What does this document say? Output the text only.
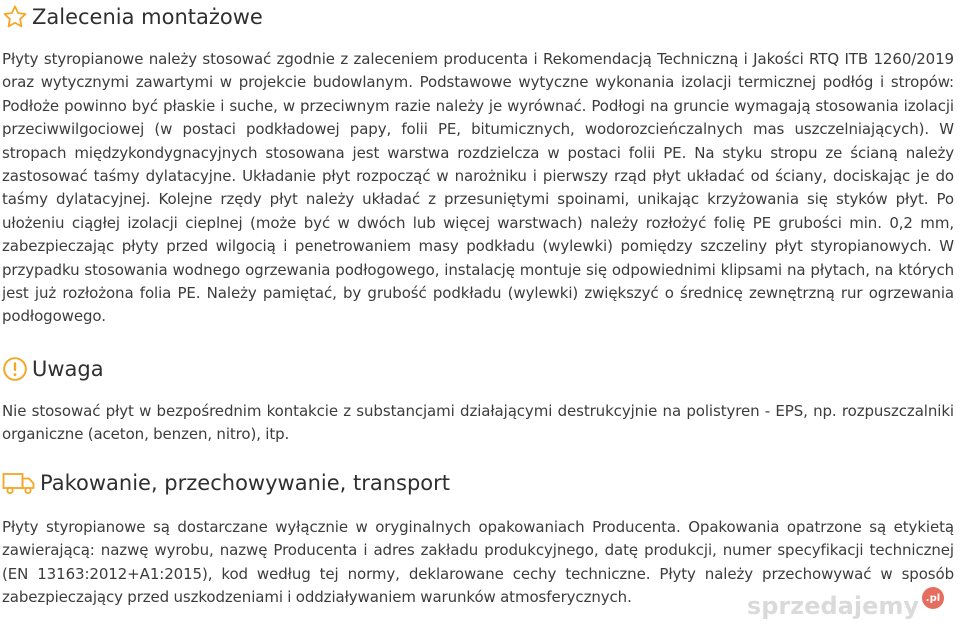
Zalecenia montażowe

Płyty styropianowe należy stosować zgodnie z zaleceniem producenta i Rekomendacją Techniczną i Jakości RTQ ITB 1260/2019 oraz wytycznymi zawartymi w projekcie budowlanym. Podstawowe wytyczne wykonania izolacji termicznej podłóg i stropów: Podłoże powinno być płaskie i suche, w przeciwnym razie należy je wyrównać. Podłogi na gruncie wymagają stosowania izolacji przeciwwilgociowej (w postaci podkładowej papy, folii PE, bitumicznych, wodorozcieńczalnych mas uszczelniających). W stropach międzykondygnacyjnych stosowana jest warstwa rozdzielcza w postaci folii PE. Na styku stropu ze ścianą należy zastosować taśmy dylatacyjne. Układanie płyt rozpocząć w narożniku i pierwszy rząd płyt układać od ściany, dociskając je do taśmy dylatacyjnej. Kolejne rzędy płyt należy układać z przesuniętymi spoinami, unikając krzyżowania się styków płyt. Po ułożeniu ciągłej izolacji cieplnej (może być w dwóch lub więcej warstwach) należy rozłożyć folię PE grubości min. 0,2 mm, zabezpieczając płyty przed wilgocią i penetrowaniem masy podkładu (wylewki) pomiędzy szczeliny płyt styropianowych. W przypadku stosowania wodnego ogrzewania podłogowego, instalację montuje się odpowiednimi klipsami na płytach, na których jest już rozłożona folia PE. Należy pamiętać, by grubość podkładu (wylewki) zwiększyć o średnicę zewnętrzną rur ogrzewania podłogowego.

Uwaga

Nie stosować płyt w bezpośrednim kontakcie z substancjami działającymi destrukcyjnie na polistyren - EPS, np. rozpuszczalniki organiczne (aceton, benzen, nitro), itp.

Pakowanie, przechowywanie, transport

Płyty styropianowe są dostarczane wyłącznie w oryginalnych opakowaniach Producenta. Opakowania opatrzone są etykietą zawierającą: nazwę wyrobu, nazwę Producenta i adres zakładu produkcyjnego, datę produkcji, numer specyfikacji technicznej (EN 13163:2012+A1:2015), kod według tej normy, deklarowane cechy techniczne. Płyty należy przechowywać w sposób zabezpieczający przed uszkodzeniami i oddziaływaniem warunków atmosferycznych.	sprzedajemy .pl
